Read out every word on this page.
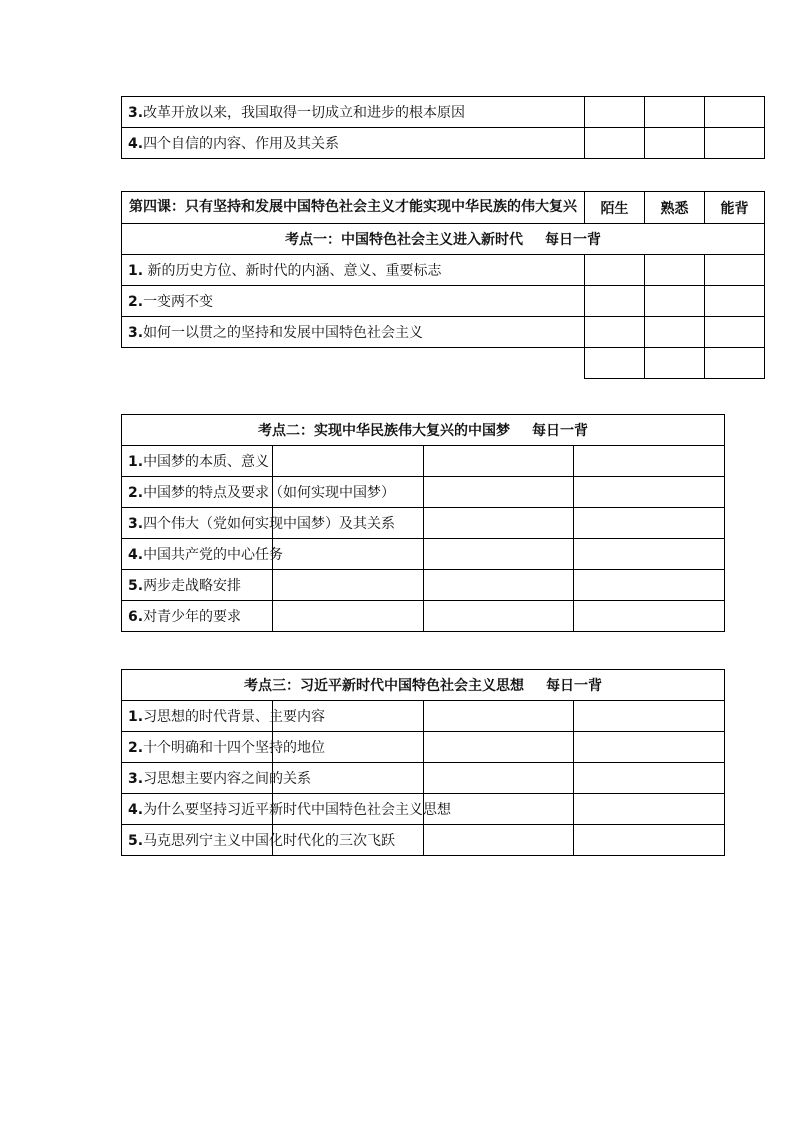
3.改革开放以来，我国取得一切成立和进步的根本原因			
4.四个自信的内容、作用及其关系			
第四课：只有坚持和发展中国特色社会主义才能实现中华民族的伟大复兴	陌生	熟悉	能背
考点一：中国特色社会主义进入新时代 每日一背			
1. 新的历史方位、新时代的内涵、意义、重要标志			
2.一变两不变			
3.如何一以贯之的坚持和发展中国特色社会主义			

考点二：实现中华民族伟大复兴的中国梦 每日一背			
1.中国梦的本质、意义			
2.中国梦的特点及要求（如何实现中国梦）			
3.四个伟大（党如何实现中国梦）及其关系			
4.中国共产党的中心任务			
5.两步走战略安排			
6.对青少年的要求			
考点三：习近平新时代中国特色社会主义思想 每日一背			
1.习思想的时代背景、主要内容			
2.十个明确和十四个坚持的地位			
3.习思想主要内容之间的关系			
4.为什么要坚持习近平新时代中国特色社会主义思想			
5.马克思列宁主义中国化时代化的三次飞跃			
